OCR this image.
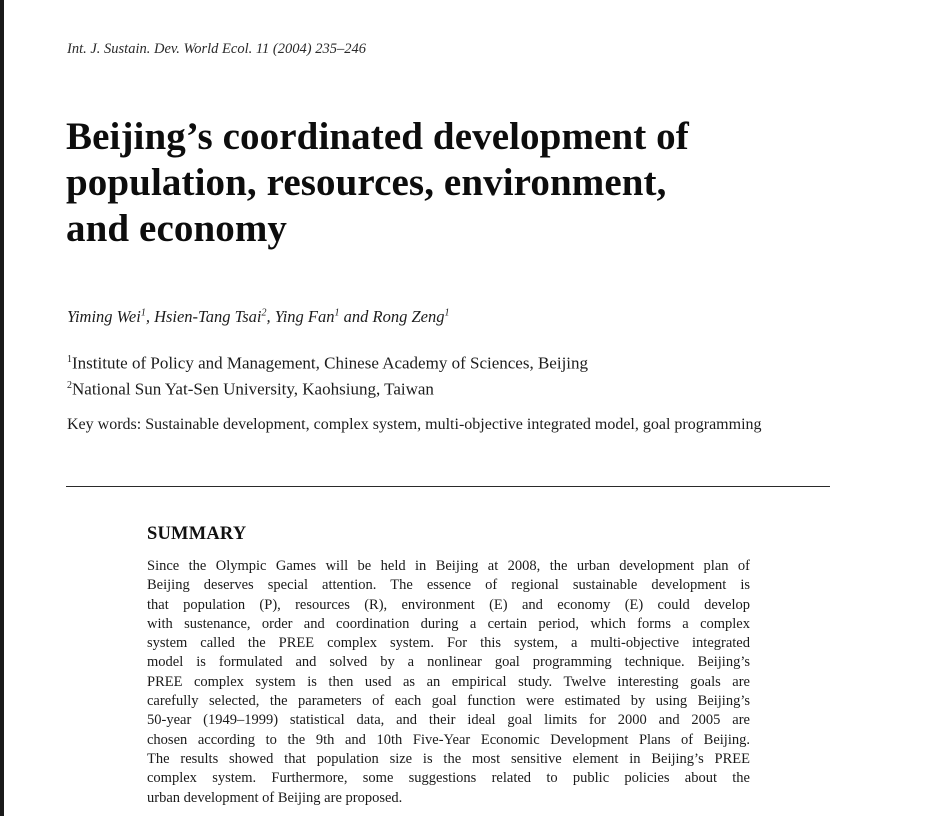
Int. J. Sustain. Dev. World Ecol. 11 (2004) 235–246
Beijing’s coordinated development of
population, resources, environment,
and economy
Yiming Wei$^1$, Hsien-Tang Tsai$^2$, Ying Fan$^1$ and Rong Zeng$^1$
$^1$Institute of Policy and Management, Chinese Academy of Sciences, Beijing
$^2$National Sun Yat-Sen University, Kaohsiung, Taiwan
Key words: Sustainable development, complex system, multi-objective integrated model, goal programming
SUMMARY
Since the Olympic Games will be held in Beijing at 2008, the urban development plan of
Beijing deserves special attention. The essence of regional sustainable development is
that population (P), resources (R), environment (E) and economy (E) could develop
with sustenance, order and coordination during a certain period, which forms a complex
system called the PREE complex system. For this system, a multi-objective integrated
model is formulated and solved by a nonlinear goal programming technique. Beijing’s
PREE complex system is then used as an empirical study. Twelve interesting goals are
carefully selected, the parameters of each goal function were estimated by using Beijing’s
50-year (1949–1999) statistical data, and their ideal goal limits for 2000 and 2005 are
chosen according to the 9th and 10th Five-Year Economic Development Plans of Beijing.
The results showed that population size is the most sensitive element in Beijing’s PREE
complex system. Furthermore, some suggestions related to public policies about the
urban development of Beijing are proposed.
